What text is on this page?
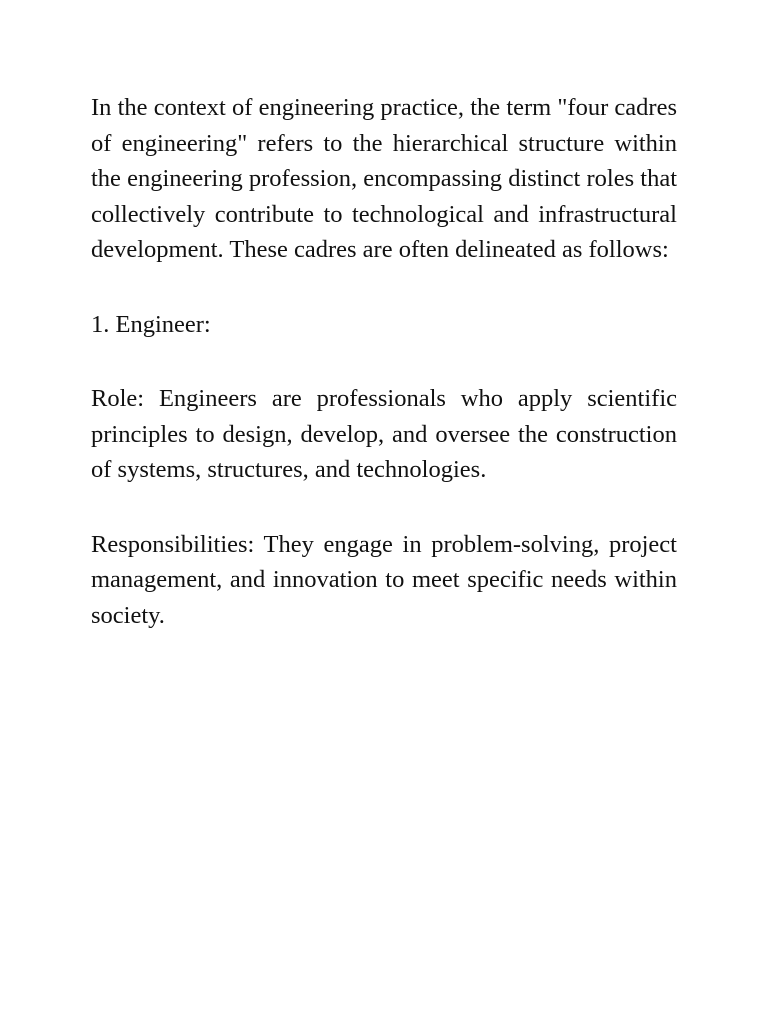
In the context of engineering practice, the term "four cadres of engineering" refers to the hierarchical structure within the engineering profession, encompassing distinct roles that collectively contribute to technological and infrastructural development. These cadres are often delineated as follows:

1. Engineer:

Role: Engineers are professionals who apply scientific principles to design, develop, and oversee the construction of systems, structures, and technologies.

Responsibilities: They engage in problem-solving, project management, and innovation to meet specific needs within society.
